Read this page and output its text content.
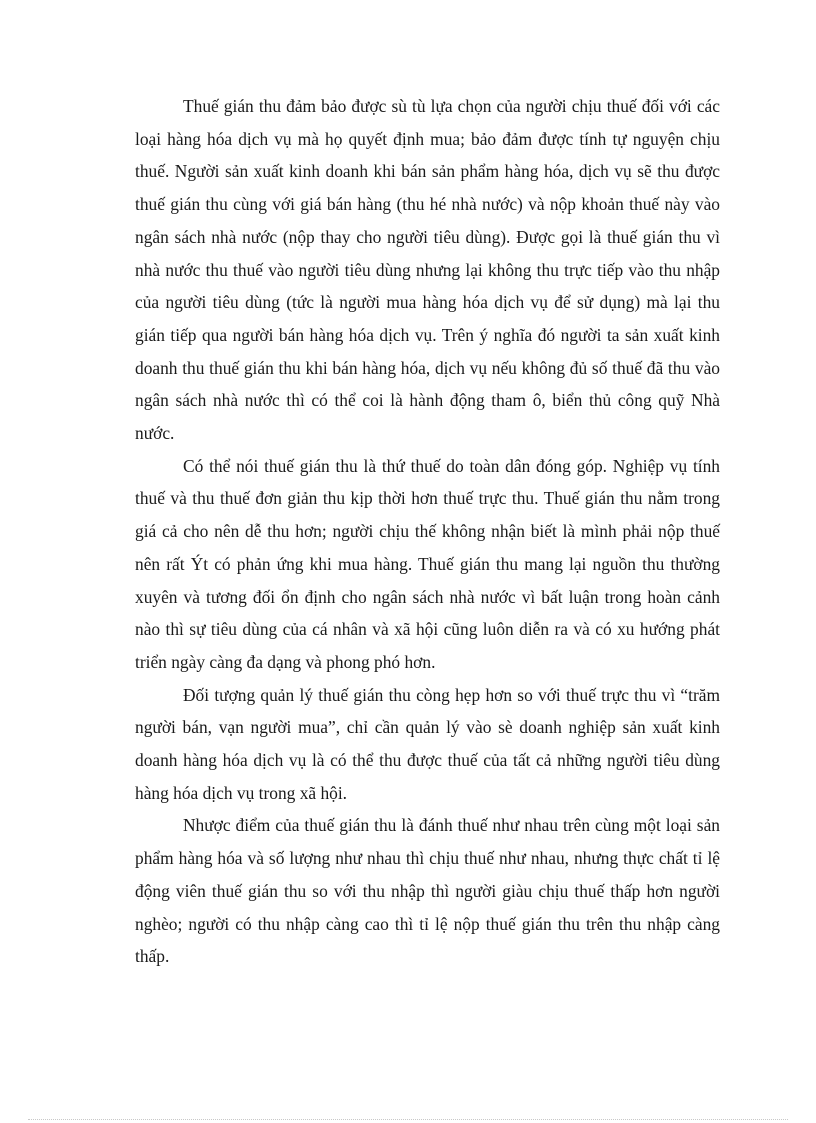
Thuế gián thu đảm bảo được sù tù lựa chọn của người chịu thuế đối với các loại hàng hóa dịch vụ mà họ quyết định mua; bảo đảm được tính tự nguyện chịu thuế. Người sản xuất kinh doanh khi bán sản phẩm hàng hóa, dịch vụ sẽ thu được thuế gián thu cùng với giá bán hàng (thu hé nhà nước) và nộp khoản thuế này vào ngân sách nhà nước (nộp thay cho người tiêu dùng). Được gọi là thuế gián thu vì nhà nước thu thuế vào người tiêu dùng nhưng lại không thu trực tiếp vào thu nhập của người tiêu dùng (tức là người mua hàng hóa dịch vụ để sử dụng) mà lại thu gián tiếp qua người bán hàng hóa dịch vụ. Trên ý nghĩa đó người ta sản xuất kinh doanh thu thuế gián thu khi bán hàng hóa, dịch vụ nếu không đủ số thuế đã thu vào ngân sách nhà nước thì có thể coi là hành động tham ô, biển thủ công quỹ Nhà nước.

Có thể nói thuế gián thu là thứ thuế do toàn dân đóng góp. Nghiệp vụ tính thuế và thu thuế đơn giản thu kịp thời hơn thuế trực thu. Thuế gián thu nằm trong giá cả cho nên dễ thu hơn; người chịu thế không nhận biết là mình phải nộp thuế nên rất Ýt có phản ứng khi mua hàng. Thuế gián thu mang lại nguồn thu thường xuyên và tương đối ổn định cho ngân sách nhà nước vì bất luận trong hoàn cảnh nào thì sự tiêu dùng của cá nhân và xã hội cũng luôn diễn ra và có xu hướng phát triển ngày càng đa dạng và phong phó hơn.

Đối tượng quản lý thuế gián thu còng hẹp hơn so với thuế trực thu vì “trăm người bán, vạn người mua”, chỉ cần quản lý vào sè doanh nghiệp sản xuất kinh doanh hàng hóa dịch vụ là có thể thu được thuế của tất cả những người tiêu dùng hàng hóa dịch vụ trong xã hội.

Nhược điểm của thuế gián thu là đánh thuế như nhau trên cùng một loại sản phẩm hàng hóa và số lượng như nhau thì chịu thuế như nhau, nhưng thực chất tỉ lệ động viên thuế gián thu so với thu nhập thì người giàu chịu thuế thấp hơn người nghèo; người có thu nhập càng cao thì tỉ lệ nộp thuế gián thu trên thu nhập càng thấp.
